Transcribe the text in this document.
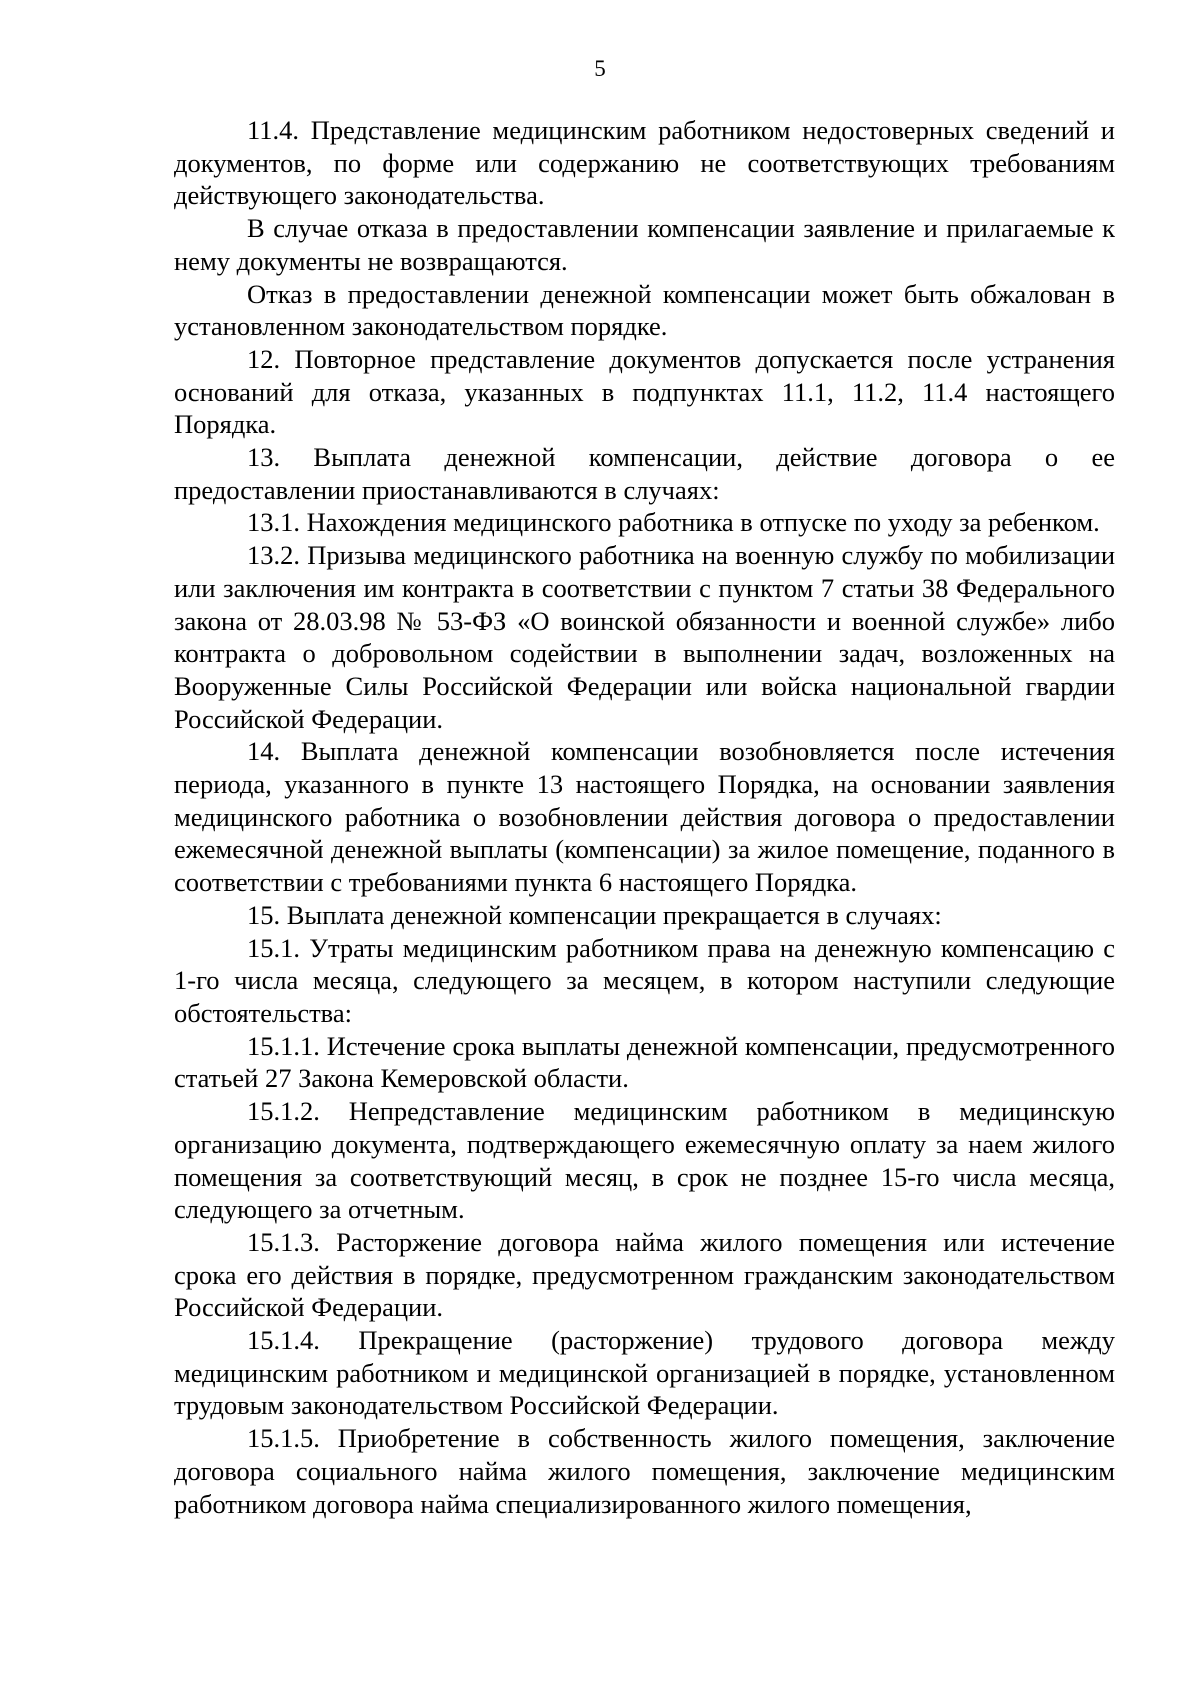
5

11.4. Представление медицинским работником недостоверных сведений и документов, по форме или содержанию не соответствующих требованиям действующего законодательства.

В случае отказа в предоставлении компенсации заявление и прилагаемые к нему документы не возвращаются.

Отказ в предоставлении денежной компенсации может быть обжалован в установленном законодательством порядке.

12. Повторное представление документов допускается после устранения оснований для отказа, указанных в подпунктах 11.1, 11.2, 11.4 настоящего Порядка.

13. Выплата денежной компенсации, действие договора о ее предоставлении приостанавливаются в случаях:

13.1. Нахождения медицинского работника в отпуске по уходу за ребенком.

13.2. Призыва медицинского работника на военную службу по мобилизации или заключения им контракта в соответствии с пунктом 7 статьи 38 Федерального закона от 28.03.98 № 53-ФЗ «О воинской обязанности и военной службе» либо контракта о добровольном содействии в выполнении задач, возложенных на Вооруженные Силы Российской Федерации или войска национальной гвардии Российской Федерации.

14. Выплата денежной компенсации возобновляется после истечения периода, указанного в пункте 13 настоящего Порядка, на основании заявления медицинского работника о возобновлении действия договора о предоставлении ежемесячной денежной выплаты (компенсации) за жилое помещение, поданного в соответствии с требованиями пункта 6 настоящего Порядка.

15. Выплата денежной компенсации прекращается в случаях:

15.1. Утраты медицинским работником права на денежную компенсацию с 1-го числа месяца, следующего за месяцем, в котором наступили следующие обстоятельства:

15.1.1. Истечение срока выплаты денежной компенсации, предусмотренного статьей 27 Закона Кемеровской области.

15.1.2. Непредставление медицинским работником в медицинскую организацию документа, подтверждающего ежемесячную оплату за наем жилого помещения за соответствующий месяц, в срок не позднее 15-го числа месяца, следующего за отчетным.

15.1.3. Расторжение договора найма жилого помещения или истечение срока его действия в порядке, предусмотренном гражданским законодательством Российской Федерации.

15.1.4. Прекращение (расторжение) трудового договора между медицинским работником и медицинской организацией в порядке, установленном трудовым законодательством Российской Федерации.

15.1.5. Приобретение в собственность жилого помещения, заключение договора социального найма жилого помещения, заключение медицинским работником договора найма специализированного жилого помещения,
